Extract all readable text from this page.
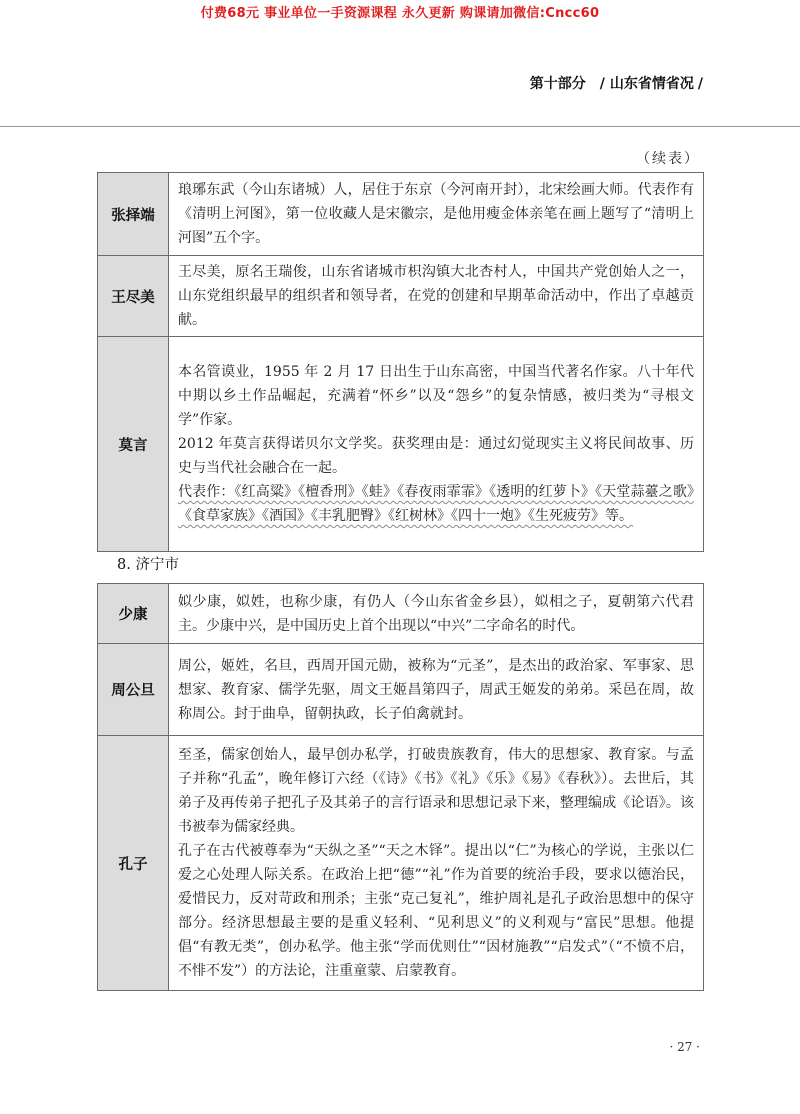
付费68元 事业单位一手资源课程 永久更新 购课请加微信:Cncc60
第十部分 / 山东省情省况 /
（续表）
张择端	琅琊东武（今山东诸城）人，居住于东京（今河南开封），北宋绘画大师。代表作有《清明上河图》，第一位收藏人是宋徽宗，是他用瘦金体亲笔在画上题写了“清明上河图”五个字。

王尽美	王尽美，原名王瑞俊，山东省诸城市枳沟镇大北杏村人，中国共产党创始人之一，山东党组织最早的组织者和领导者，在党的创建和早期革命活动中，作出了卓越贡献。

莫言	本名管谟业，1955 年 2 月 17 日出生于山东高密，中国当代著名作家。八十年代中期以乡土作品崛起，充满着“怀乡”以及“怨乡”的复杂情感，被归类为“寻根文学”作家。

2012 年莫言获得诺贝尔文学奖。获奖理由是：通过幻觉现实主义将民间故事、历史与当代社会融合在一起。

代表作：《红高粱》《檀香刑》《蛙》《春夜雨霏霏》《透明的红萝卜》《天堂蒜薹之歌》《食草家族》《酒国》《丰乳肥臀》《红树林》《四十一炮》《生死疲劳》等。

8. 济宁市
少康	姒少康，姒姓，也称少康，有仍人（今山东省金乡县），姒相之子，夏朝第六代君主。少康中兴，是中国历史上首个出现以“中兴”二字命名的时代。

周公旦	周公，姬姓，名旦，西周开国元勋，被称为“元圣”，是杰出的政治家、军事家、思想家、教育家、儒学先驱，周文王姬昌第四子，周武王姬发的弟弟。采邑在周，故称周公。封于曲阜，留朝执政，长子伯禽就封。

孔子	至圣，儒家创始人，最早创办私学，打破贵族教育，伟大的思想家、教育家。与孟子并称“孔孟”，晚年修订六经（《诗》《书》《礼》《乐》《易》《春秋》）。去世后，其弟子及再传弟子把孔子及其弟子的言行语录和思想记录下来，整理编成《论语》。该书被奉为儒家经典。

孔子在古代被尊奉为“天纵之圣”“天之木铎”。提出以“仁”为核心的学说，主张以仁爱之心处理人际关系。在政治上把“德”“礼”作为首要的统治手段，要求以德治民，爱惜民力，反对苛政和刑杀；主张“克己复礼”，维护周礼是孔子政治思想中的保守部分。经济思想最主要的是重义轻利、“见利思义”的义利观与“富民”思想。他提倡“有教无类”，创办私学。他主张“学而优则仕”“因材施教”“启发式”（“不愤不启，不悱不发”）的方法论，注重童蒙、启蒙教育。

· 27 ·
